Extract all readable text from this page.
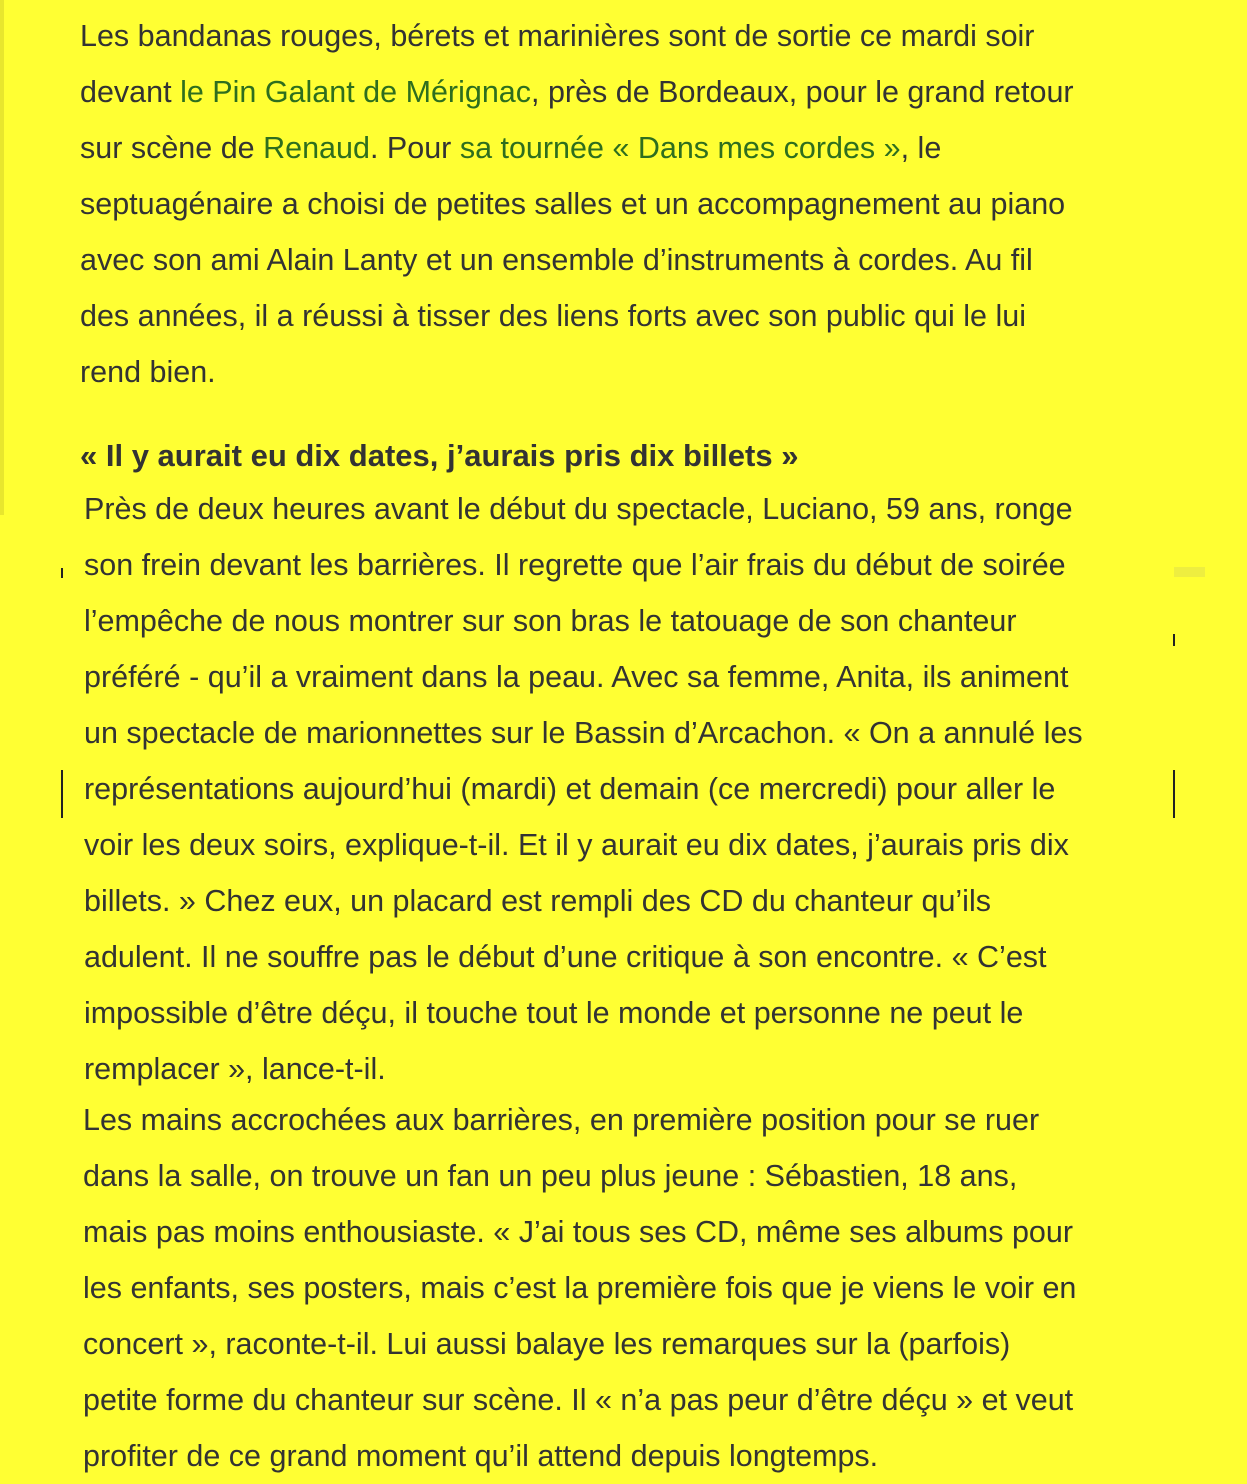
Les bandanas rouges, bérets et marinières sont de sortie ce mardi soir
devant le Pin Galant de Mérignac, près de Bordeaux, pour le grand retour
sur scène de Renaud. Pour sa tournée « Dans mes cordes », le
septuagénaire a choisi de petites salles et un accompagnement au piano
avec son ami Alain Lanty et un ensemble d’instruments à cordes. Au fil
des années, il a réussi à tisser des liens forts avec son public qui le lui
rend bien.

« Il y aurait eu dix dates, j’aurais pris dix billets »

Près de deux heures avant le début du spectacle, Luciano, 59 ans, ronge
son frein devant les barrières. Il regrette que l’air frais du début de soirée
l’empêche de nous montrer sur son bras le tatouage de son chanteur
préféré - qu’il a vraiment dans la peau. Avec sa femme, Anita, ils animent
un spectacle de marionnettes sur le Bassin d’Arcachon. « On a annulé les
représentations aujourd’hui (mardi) et demain (ce mercredi) pour aller le
voir les deux soirs, explique-t-il. Et il y aurait eu dix dates, j’aurais pris dix
billets. » Chez eux, un placard est rempli des CD du chanteur qu’ils
adulent. Il ne souffre pas le début d’une critique à son encontre. « C’est
impossible d’être déçu, il touche tout le monde et personne ne peut le
remplacer », lance-t-il.

Les mains accrochées aux barrières, en première position pour se ruer
dans la salle, on trouve un fan un peu plus jeune : Sébastien, 18 ans,
mais pas moins enthousiaste. « J’ai tous ses CD, même ses albums pour
les enfants, ses posters, mais c’est la première fois que je viens le voir en
concert », raconte-t-il. Lui aussi balaye les remarques sur la (parfois)
petite forme du chanteur sur scène. Il « n’a pas peur d’être déçu » et veut
profiter de ce grand moment qu’il attend depuis longtemps.
